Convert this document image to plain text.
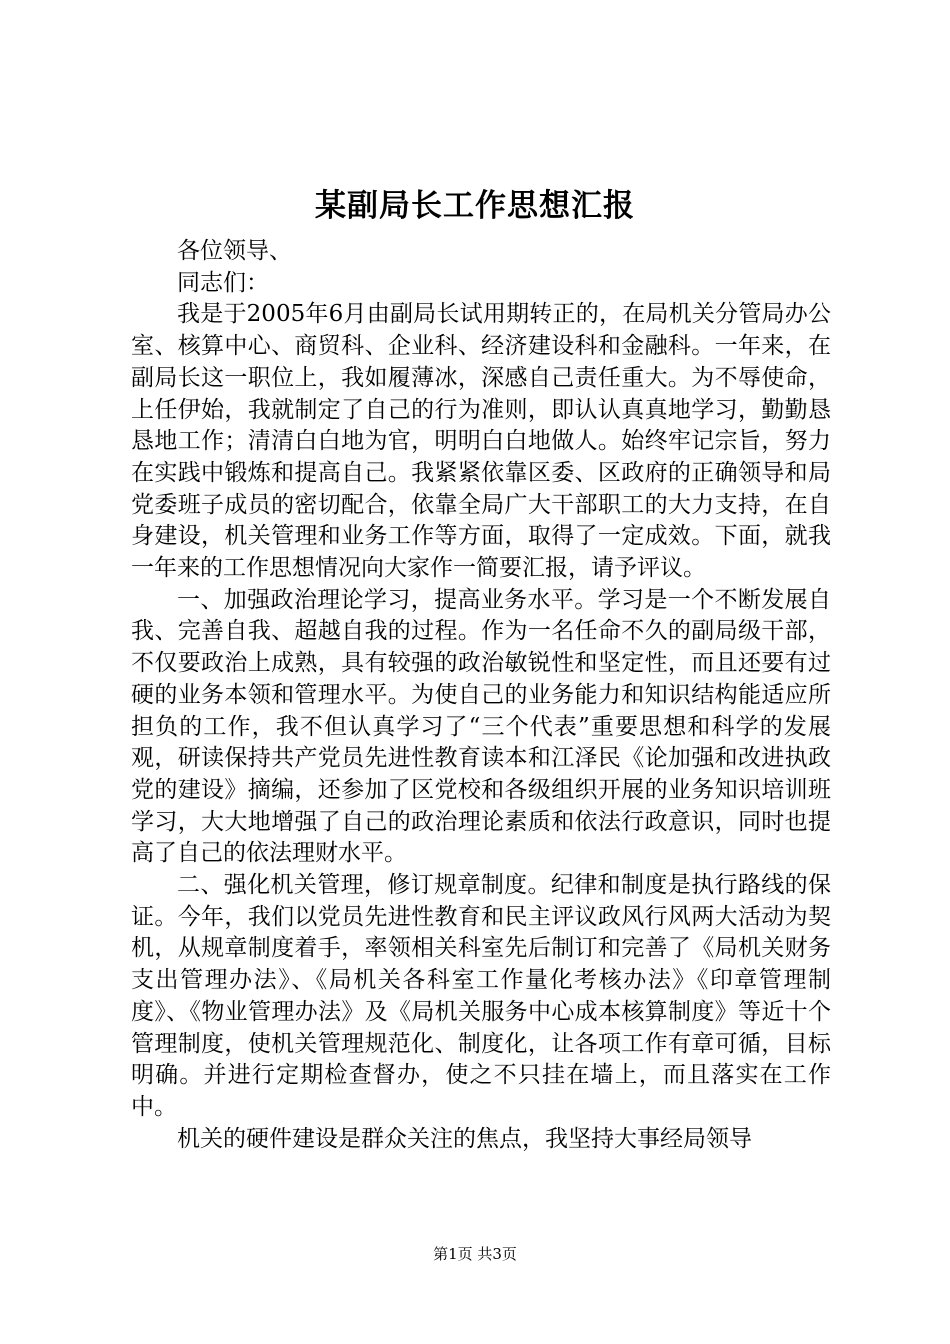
某副局长工作思想汇报

各位领导、

同志们：

我是于2005年6月由副局长试用期转正的，在局机关分管局办公室、核算中心、商贸科、企业科、经济建设科和金融科。一年来，在副局长这一职位上，我如履薄冰，深感自己责任重大。为不辱使命，上任伊始，我就制定了自己的行为准则，即认认真真地学习，勤勤恳恳地工作；清清白白地为官，明明白白地做人。始终牢记宗旨，努力在实践中锻炼和提高自己。我紧紧依靠区委、区政府的正确领导和局党委班子成员的密切配合，依靠全局广大干部职工的大力支持，在自身建设，机关管理和业务工作等方面，取得了一定成效。下面，就我一年来的工作思想情况向大家作一简要汇报，请予评议。

一、加强政治理论学习，提高业务水平。学习是一个不断发展自我、完善自我、超越自我的过程。作为一名任命不久的副局级干部，不仅要政治上成熟，具有较强的政治敏锐性和坚定性，而且还要有过硬的业务本领和管理水平。为使自己的业务能力和知识结构能适应所担负的工作，我不但认真学习了“三个代表”重要思想和科学的发展观，研读保持共产党员先进性教育读本和江泽民《论加强和改进执政党的建设》摘编，还参加了区党校和各级组织开展的业务知识培训班学习，大大地增强了自己的政治理论素质和依法行政意识，同时也提高了自己的依法理财水平。

二、强化机关管理，修订规章制度。纪律和制度是执行路线的保证。今年，我们以党员先进性教育和民主评议政风行风两大活动为契机，从规章制度着手，率领相关科室先后制订和完善了《局机关财务支出管理办法》、《局机关各科室工作量化考核办法》《印章管理制度》、《物业管理办法》及《局机关服务中心成本核算制度》等近十个管理制度，使机关管理规范化、制度化，让各项工作有章可循，目标明确。并进行定期检查督办，使之不只挂在墙上，而且落实在工作中。

机关的硬件建设是群众关注的焦点，我坚持大事经局领导

第1页 共3页
